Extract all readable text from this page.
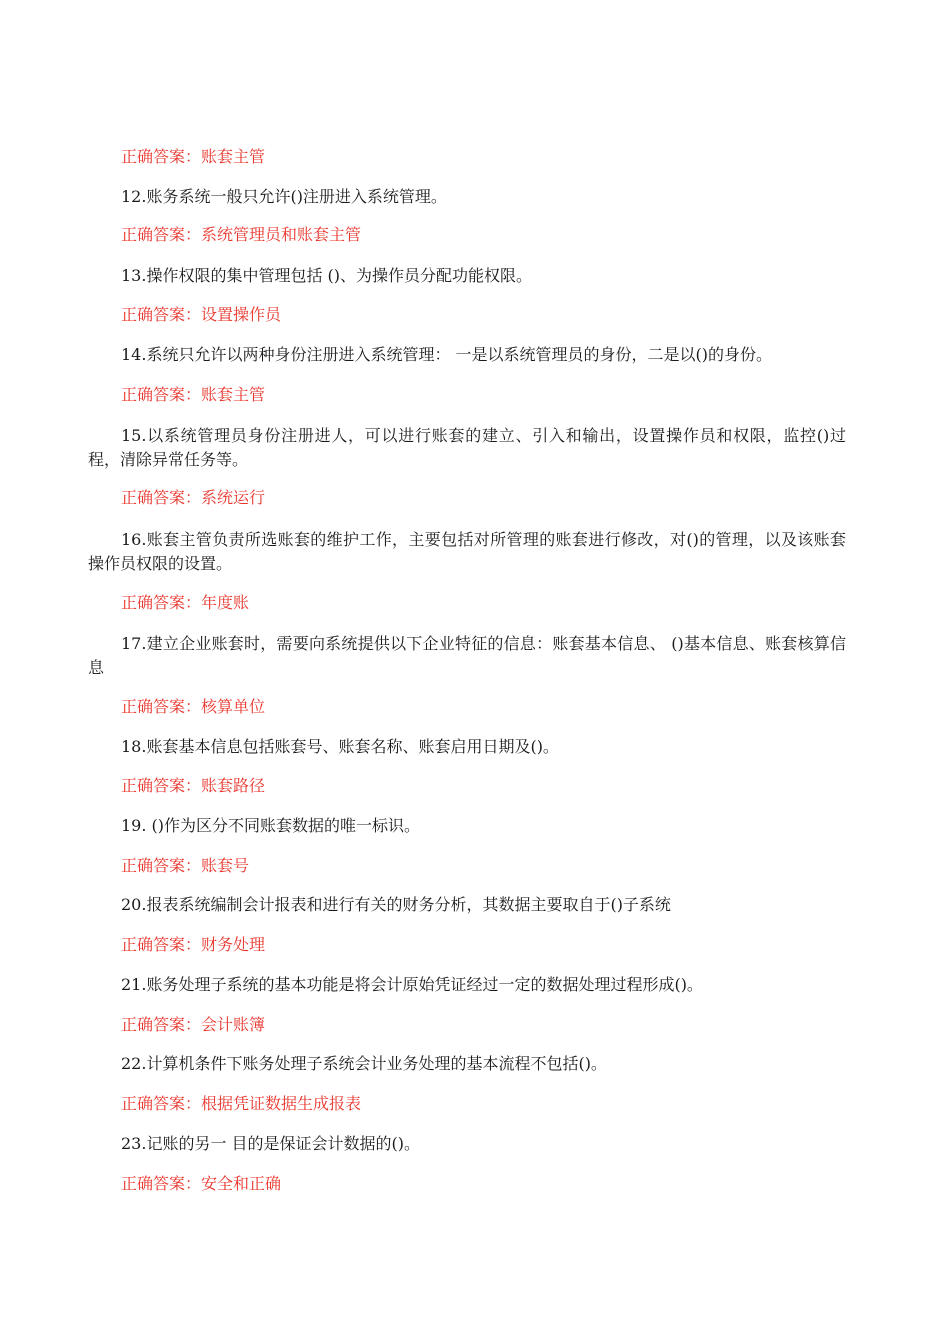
正确答案：账套主管
12.账务系统一般只允许()注册进入系统管理。
正确答案：系统管理员和账套主管
13.操作权限的集中管理包括 ()、为操作员分配功能权限。
正确答案：设置操作员
14.系统只允许以两种身份注册进入系统管理： 一是以系统管理员的身份，二是以()的身份。
正确答案：账套主管
15.以系统管理员身份注册进人，可以进行账套的建立、引入和输出，设置操作员和权限，监控()过程，清除异常任务等。
正确答案：系统运行
16.账套主管负责所选账套的维护工作，主要包括对所管理的账套进行修改，对()的管理，以及该账套操作员权限的设置。
正确答案：年度账
17.建立企业账套时，需要向系统提供以下企业特征的信息：账套基本信息、 ()基本信息、账套核算信息
正确答案：核算单位
18.账套基本信息包括账套号、账套名称、账套启用日期及()。
正确答案：账套路径
19. ()作为区分不同账套数据的唯一标识。
正确答案：账套号
20.报表系统编制会计报表和进行有关的财务分析，其数据主要取自于()子系统
正确答案：财务处理
21.账务处理子系统的基本功能是将会计原始凭证经过一定的数据处理过程形成()。
正确答案：会计账簿
22.计算机条件下账务处理子系统会计业务处理的基本流程不包括()。
正确答案：根据凭证数据生成报表
23.记账的另一 目的是保证会计数据的()。
正确答案：安全和正确
